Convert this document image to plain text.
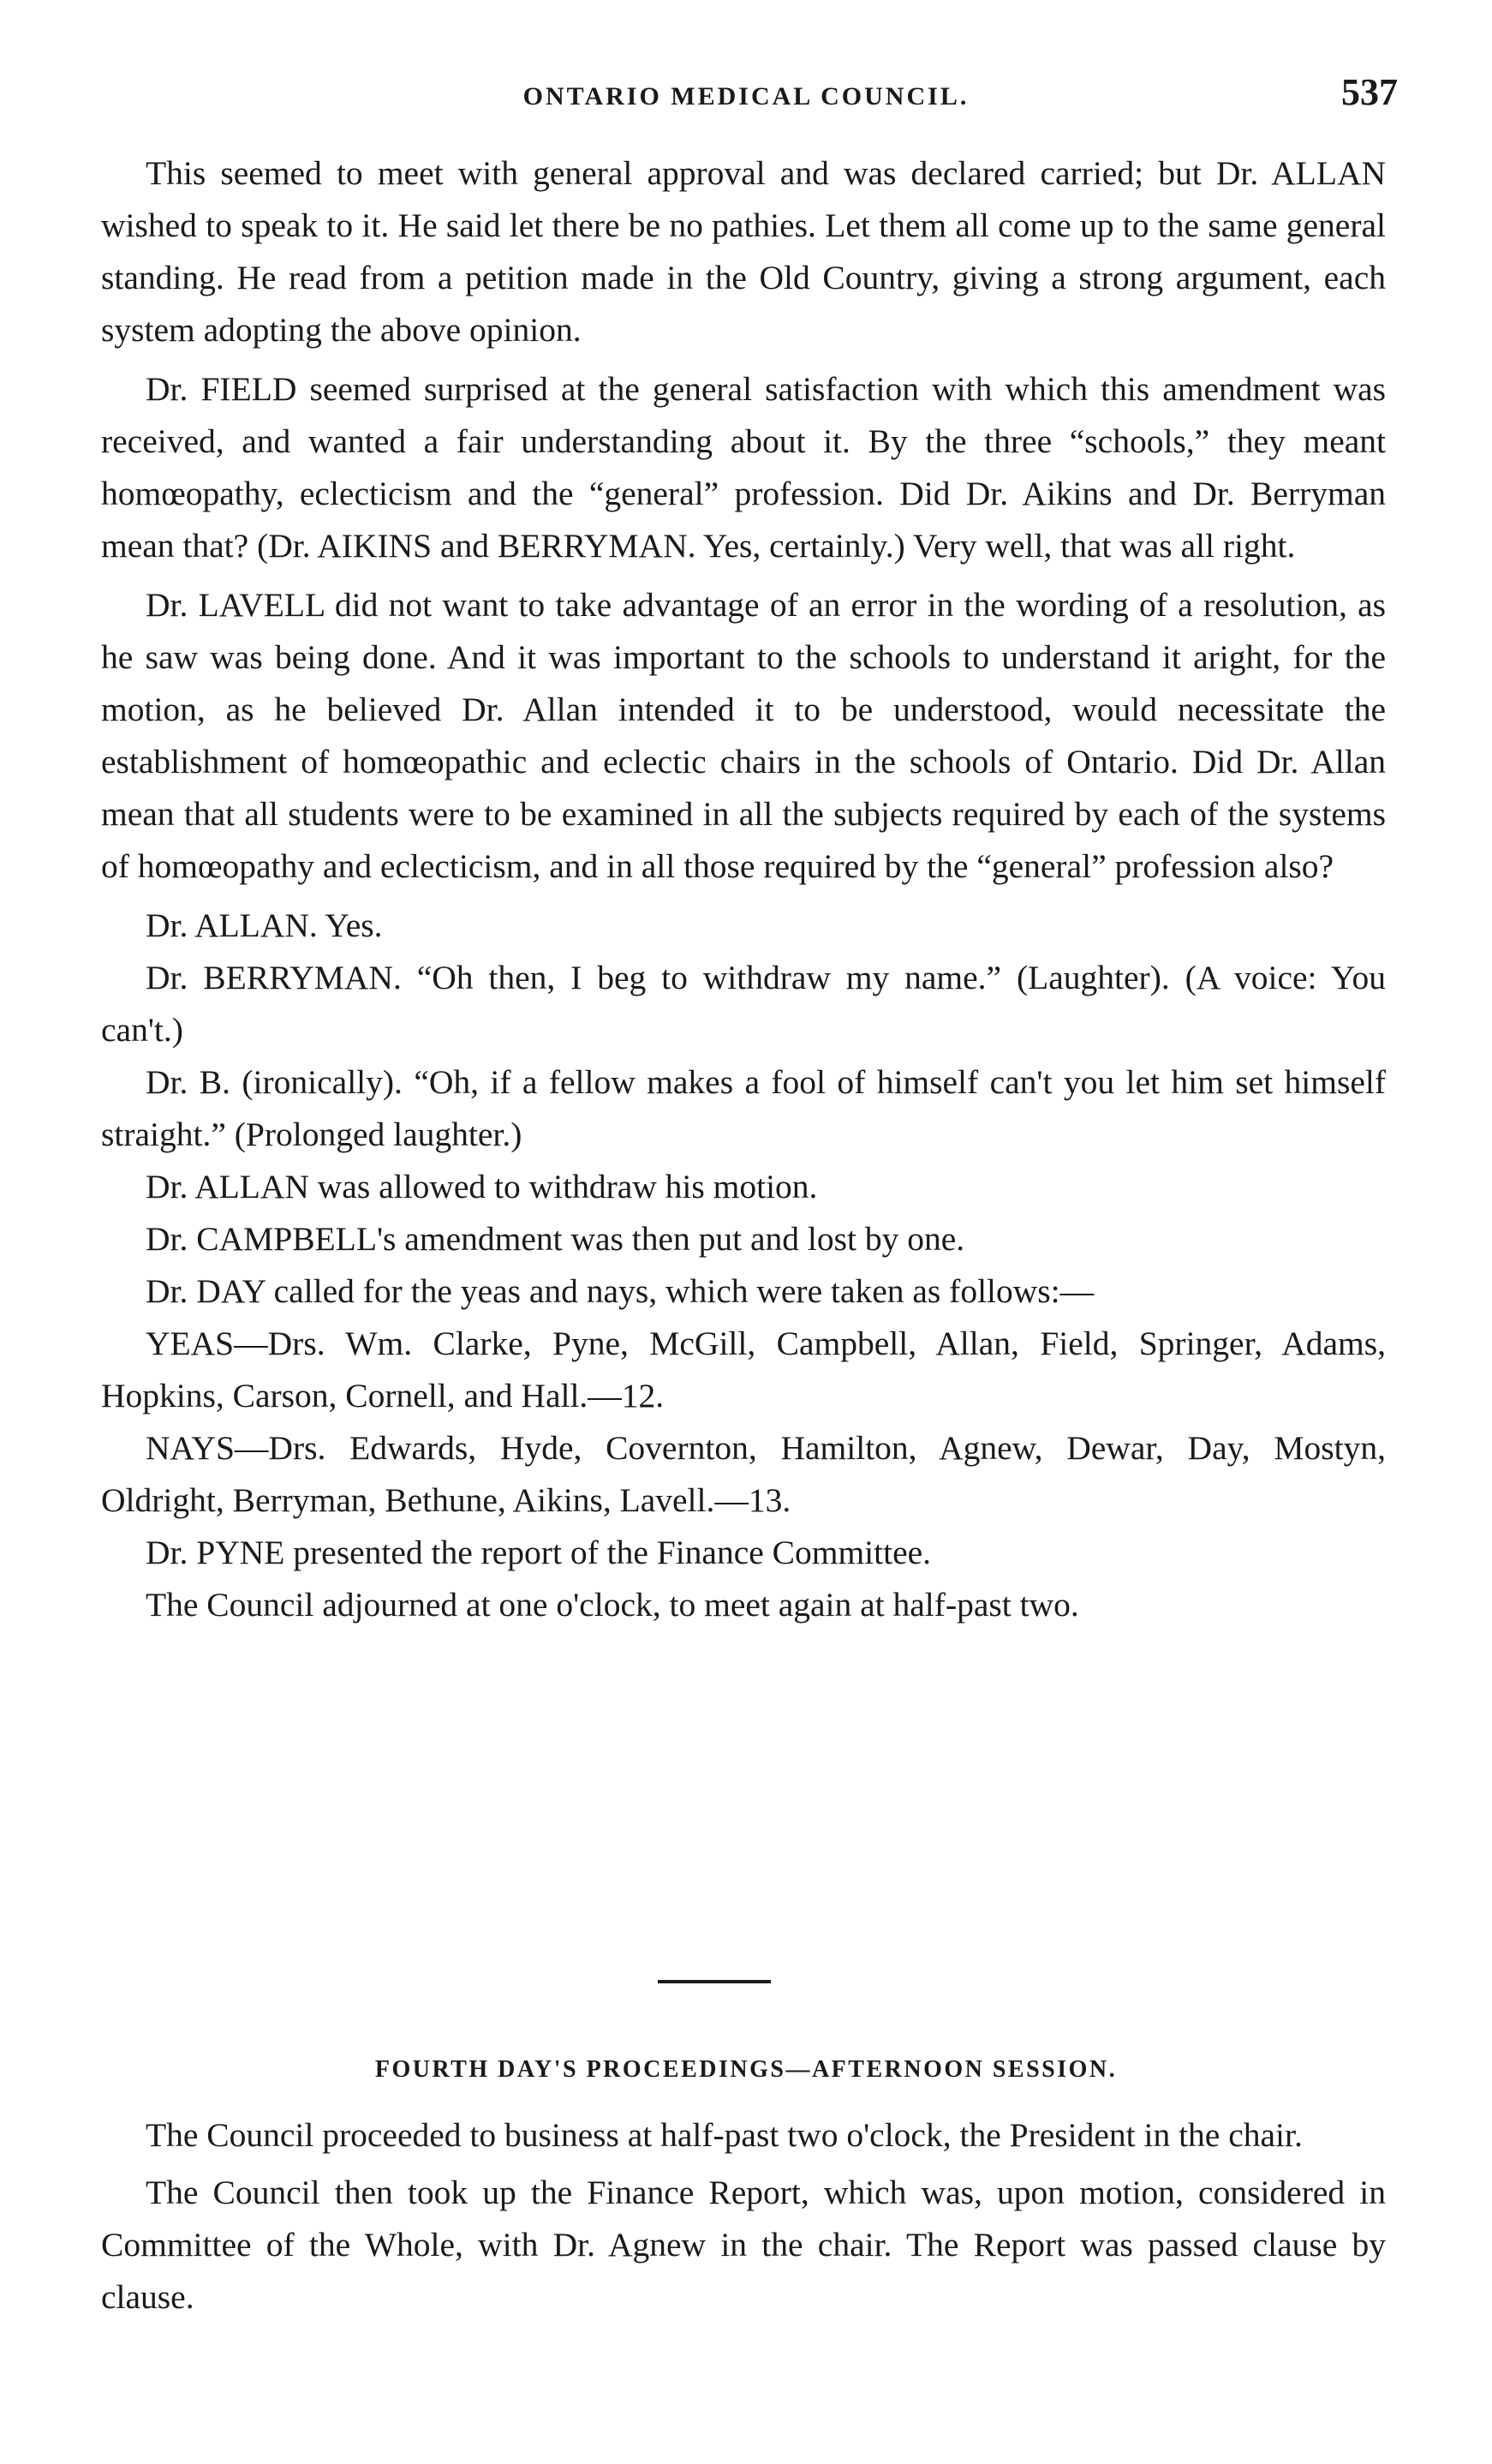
ONTARIO MEDICAL COUNCIL.	537

This seemed to meet with general approval and was declared carried; but Dr. ALLAN wished to speak to it. He said let there be no pathies. Let them all come up to the same general standing. He read from a petition made in the Old Country, giving a strong argument, each system adopting the above opinion.

Dr. FIELD seemed surprised at the general satisfaction with which this amendment was received, and wanted a fair understanding about it. By the three “schools,” they meant homœopathy, eclecticism and the “general” profession. Did Dr. Aikins and Dr. Berryman mean that? (Dr. AIKINS and BERRYMAN. Yes, certainly.) Very well, that was all right.

Dr. LAVELL did not want to take advantage of an error in the wording of a resolution, as he saw was being done. And it was important to the schools to understand it aright, for the motion, as he believed Dr. Allan intended it to be understood, would necessitate the establishment of homœopathic and eclectic chairs in the schools of Ontario. Did Dr. Allan mean that all students were to be examined in all the subjects required by each of the systems of homœopathy and eclecticism, and in all those required by the “general” profession also?

Dr. ALLAN. Yes.

Dr. BERRYMAN. “Oh then, I beg to withdraw my name.” (Laughter). (A voice: You can't.)

Dr. B. (ironically). “Oh, if a fellow makes a fool of himself can't you let him set himself straight.” (Prolonged laughter.)

Dr. ALLAN was allowed to withdraw his motion.

Dr. CAMPBELL's amendment was then put and lost by one.

Dr. DAY called for the yeas and nays, which were taken as follows:—

YEAS—Drs. Wm. Clarke, Pyne, McGill, Campbell, Allan, Field, Springer, Adams, Hopkins, Carson, Cornell, and Hall.—12.

NAYS—Drs. Edwards, Hyde, Covernton, Hamilton, Agnew, Dewar, Day, Mostyn, Oldright, Berryman, Bethune, Aikins, Lavell.—13.

Dr. PYNE presented the report of the Finance Committee.

The Council adjourned at one o'clock, to meet again at half-past two.

FOURTH DAY'S PROCEEDINGS—AFTERNOON SESSION.

The Council proceeded to business at half-past two o'clock, the President in the chair.

The Council then took up the Finance Report, which was, upon motion, considered in Committee of the Whole, with Dr. Agnew in the chair. The Report was passed clause by clause.
